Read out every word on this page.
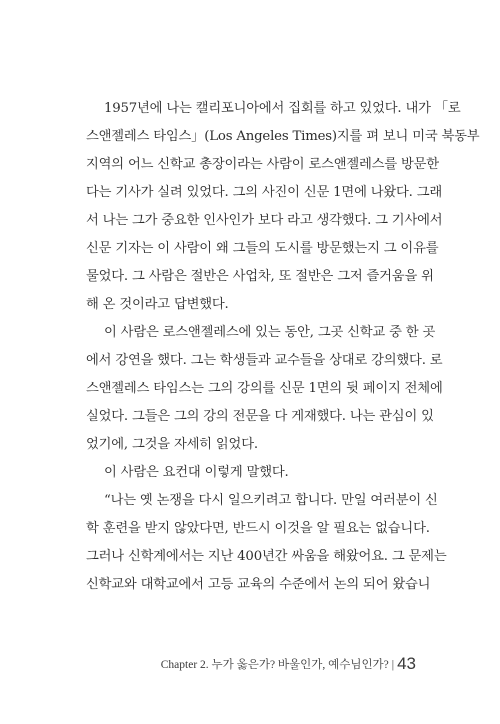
1957년에 나는 캘리포니아에서 집회를 하고 있었다. 내가 「로
스앤젤레스 타임스」(Los Angeles Times)지를 펴 보니 미국 북동부
지역의 어느 신학교 총장이라는 사람이 로스앤젤레스를 방문한
다는 기사가 실려 있었다. 그의 사진이 신문 1면에 나왔다. 그래
서 나는 그가 중요한 인사인가 보다 라고 생각했다. 그 기사에서
신문 기자는 이 사람이 왜 그들의 도시를 방문했는지 그 이유를
물었다. 그 사람은 절반은 사업차, 또 절반은 그저 즐거움을 위
해 온 것이라고 답변했다.
이 사람은 로스앤젤레스에 있는 동안, 그곳 신학교 중 한 곳
에서 강연을 했다. 그는 학생들과 교수들을 상대로 강의했다. 로
스앤젤레스 타임스는 그의 강의를 신문 1면의 뒷 페이지 전체에
실었다. 그들은 그의 강의 전문을 다 게재했다. 나는 관심이 있
었기에, 그것을 자세히 읽었다.
이 사람은 요컨대 이렇게 말했다.
“나는 옛 논쟁을 다시 일으키려고 합니다. 만일 여러분이 신
학 훈련을 받지 않았다면, 반드시 이것을 알 필요는 없습니다.
그러나 신학계에서는 지난 400년간 싸움을 해왔어요. 그 문제는
신학교와 대학교에서 고등 교육의 수준에서 논의 되어 왔습니
Chapter 2. 누가 옳은가? 바울인가, 예수님인가? | 43
